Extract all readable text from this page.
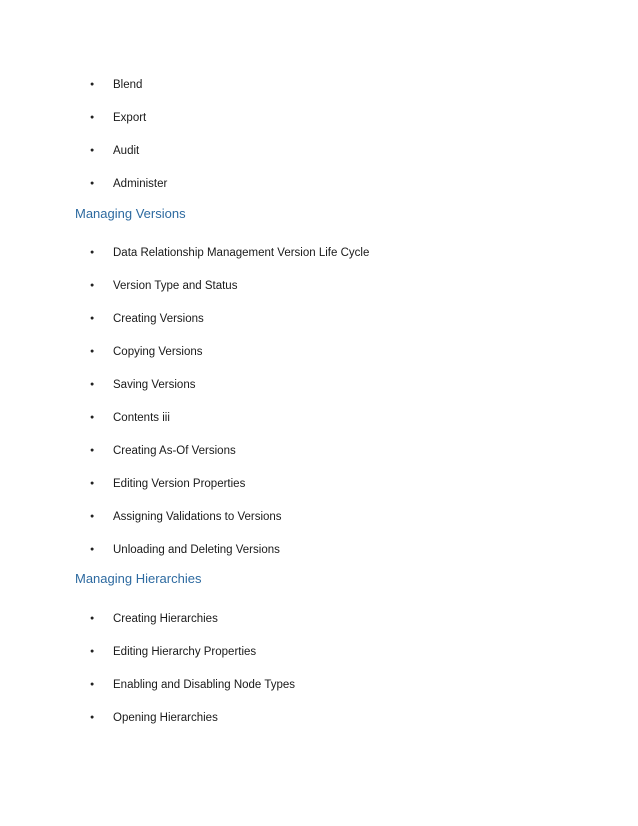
●	Blend
●	Export
●	Audit
●	Administer
Managing Versions
●	Data Relationship Management Version Life Cycle
●	Version Type and Status
●	Creating Versions
●	Copying Versions
●	Saving Versions
●	Contents iii
●	Creating As-Of Versions
●	Editing Version Properties
●	Assigning Validations to Versions
●	Unloading and Deleting Versions
Managing Hierarchies
●	Creating Hierarchies
●	Editing Hierarchy Properties
●	Enabling and Disabling Node Types
●	Opening Hierarchies
